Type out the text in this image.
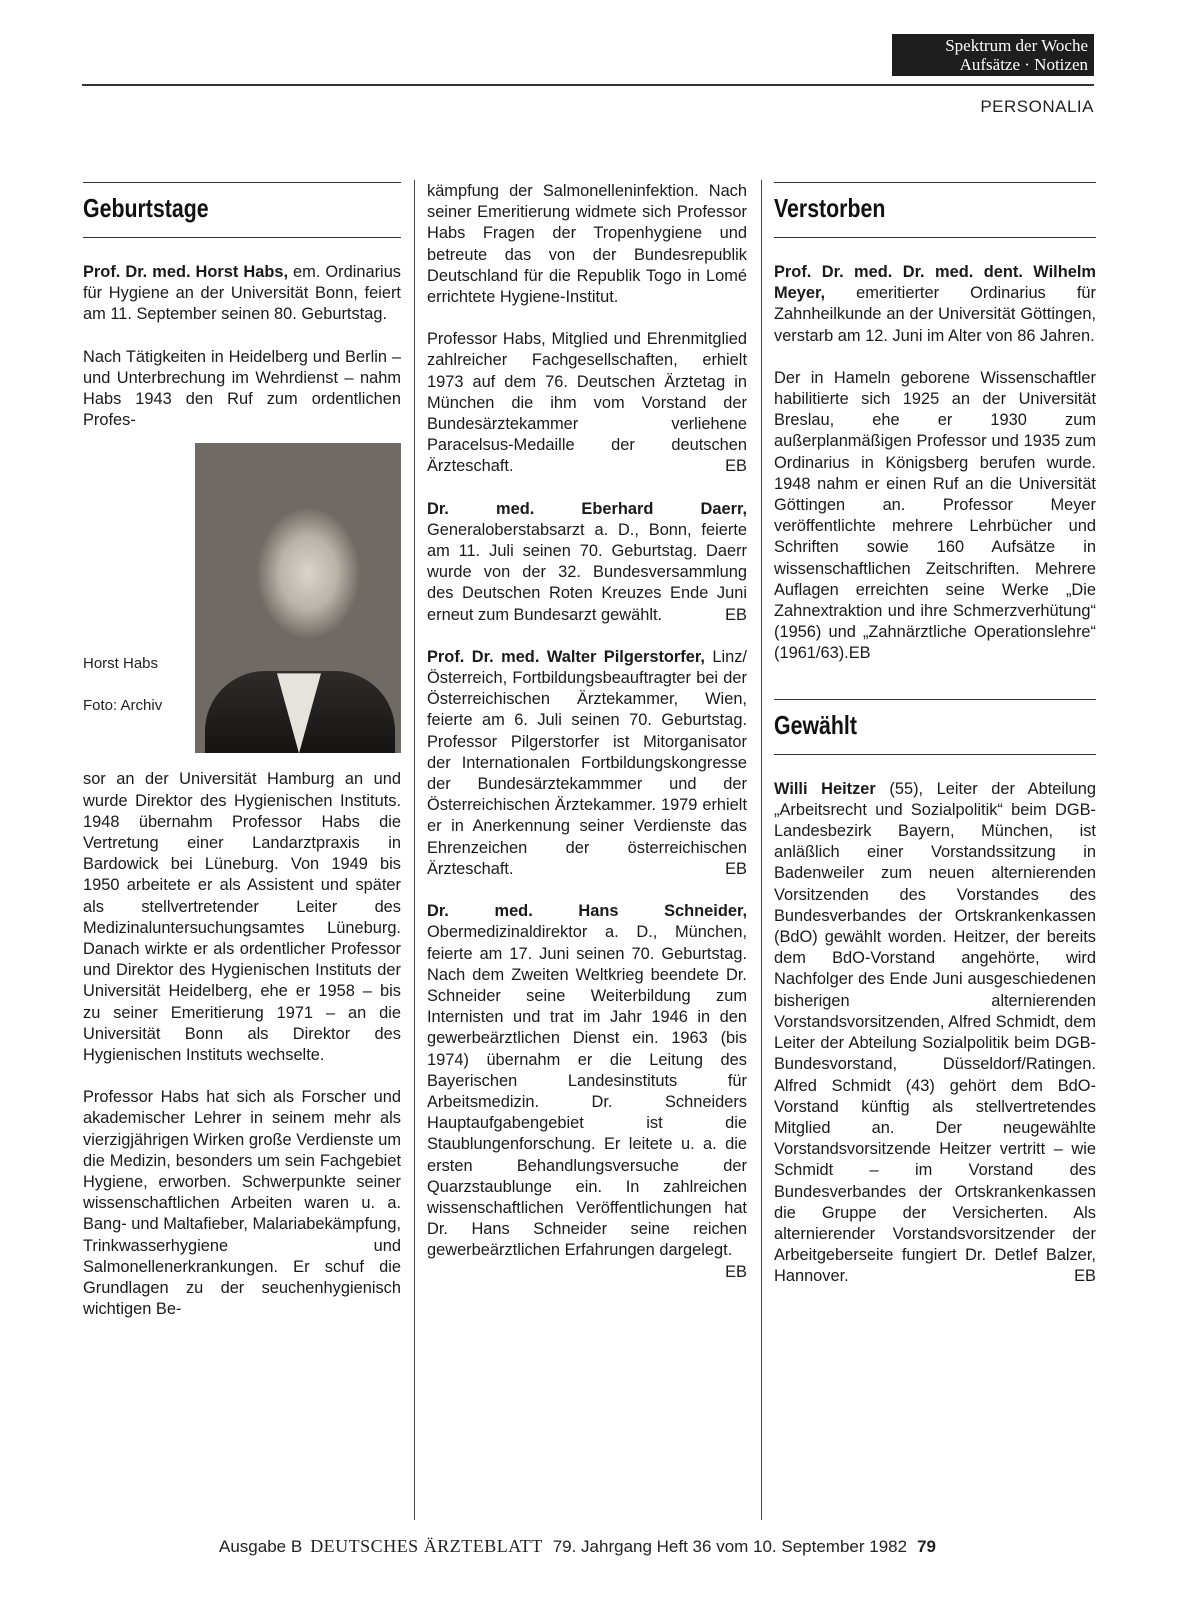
Spektrum der Woche
Aufsätze · Notizen
PERSONALIA
Geburtstage

Prof. Dr. med. Horst Habs, em. Ordinarius für Hygiene an der Universität Bonn, feiert am 11. September seinen 80. Geburtstag.

Nach Tätigkeiten in Heidelberg und Berlin – und Unterbrechung im Wehrdienst – nahm Habs 1943 den Ruf zum ordentlichen Profes-

Horst Habs
Foto: Archiv

sor an der Universität Hamburg an und wurde Direktor des Hygienischen Instituts. 1948 übernahm Professor Habs die Vertretung einer Landarztpraxis in Bardowick bei Lüneburg. Von 1949 bis 1950 arbeitete er als Assistent und später als stellvertretender Leiter des Medizinaluntersuchungsamtes Lüneburg. Danach wirkte er als ordentlicher Professor und Direktor des Hygienischen Instituts der Universität Heidelberg, ehe er 1958 – bis zu seiner Emeritierung 1971 – an die Universität Bonn als Direktor des Hygienischen Instituts wechselte.

Professor Habs hat sich als Forscher und akademischer Lehrer in seinem mehr als vierzigjährigen Wirken große Verdienste um die Medizin, besonders um sein Fachgebiet Hygiene, erworben. Schwerpunkte seiner wissenschaftlichen Arbeiten waren u. a. Bang- und Maltafieber, Malariabekämpfung, Trinkwasserhygiene und Salmonellenerkrankungen. Er schuf die Grundlagen zu der seuchenhygienisch wichtigen Be-

kämpfung der Salmonelleninfektion. Nach seiner Emeritierung widmete sich Professor Habs Fragen der Tropenhygiene und betreute das von der Bundesrepublik Deutschland für die Republik Togo in Lomé errichtete Hygiene-Institut.

Professor Habs, Mitglied und Ehrenmitglied zahlreicher Fachgesellschaften, erhielt 1973 auf dem 76. Deutschen Ärztetag in München die ihm vom Vorstand der Bundesärztekammer verliehene Paracelsus-Medaille der deutschen Ärzteschaft.	EB

Dr. med. Eberhard Daerr, Generaloberstabsarzt a. D., Bonn, feierte am 11. Juli seinen 70. Geburtstag. Daerr wurde von der 32. Bundesversammlung des Deutschen Roten Kreuzes Ende Juni erneut zum Bundesarzt gewählt.	EB

Prof. Dr. med. Walter Pilgerstorfer, Linz/Österreich, Fortbildungsbeauftragter bei der Österreichischen Ärztekammer, Wien, feierte am 6. Juli seinen 70. Geburtstag. Professor Pilgerstorfer ist Mitorganisator der Internationalen Fortbildungskongresse der Bundesärztekammmer und der Österreichischen Ärztekammer. 1979 erhielt er in Anerkennung seiner Verdienste das Ehrenzeichen der österreichischen Ärzteschaft.	EB

Dr. med. Hans Schneider, Obermedizinaldirektor a. D., München, feierte am 17. Juni seinen 70. Geburtstag. Nach dem Zweiten Weltkrieg beendete Dr. Schneider seine Weiterbildung zum Internisten und trat im Jahr 1946 in den gewerbeärztlichen Dienst ein. 1963 (bis 1974) übernahm er die Leitung des Bayerischen Landesinstituts für Arbeitsmedizin. Dr. Schneiders Hauptaufgabengebiet ist die Staublungenforschung. Er leitete u. a. die ersten Behandlungsversuche der Quarzstaublunge ein. In zahlreichen wissenschaftlichen Veröffentlichungen hat Dr. Hans Schneider seine reichen gewerbeärztlichen Erfahrungen dargelegt.
EB

Verstorben

Prof. Dr. med. Dr. med. dent. Wilhelm Meyer, emeritierter Ordinarius für Zahnheilkunde an der Universität Göttingen, verstarb am 12. Juni im Alter von 86 Jahren.

Der in Hameln geborene Wissenschaftler habilitierte sich 1925 an der Universität Breslau, ehe er 1930 zum außerplanmäßigen Professor und 1935 zum Ordinarius in Königsberg berufen wurde. 1948 nahm er einen Ruf an die Universität Göttingen an. Professor Meyer veröffentlichte mehrere Lehrbücher und Schriften sowie 160 Aufsätze in wissenschaftlichen Zeitschriften. Mehrere Auflagen erreichten seine Werke „Die Zahnextraktion und ihre Schmerzverhütung“ (1956) und „Zahnärztliche Operationslehre“ (1961/63).EB

Gewählt

Willi Heitzer (55), Leiter der Abteilung „Arbeitsrecht und Sozialpolitik“ beim DGB-Landesbezirk Bayern, München, ist anläßlich einer Vorstandssitzung in Badenweiler zum neuen alternierenden Vorsitzenden des Vorstandes des Bundesverbandes der Ortskrankenkassen (BdO) gewählt worden. Heitzer, der bereits dem BdO-Vorstand angehörte, wird Nachfolger des Ende Juni ausgeschiedenen bisherigen alternierenden Vorstandsvorsitzenden, Alfred Schmidt, dem Leiter der Abteilung Sozialpolitik beim DGB-Bundesvorstand, Düsseldorf/Ratingen. Alfred Schmidt (43) gehört dem BdO-Vorstand künftig als stellvertretendes Mitglied an. Der neugewählte Vorstandsvorsitzende Heitzer vertritt – wie Schmidt – im Vorstand des Bundesverbandes der Ortskrankenkassen die Gruppe der Versicherten. Als alternierender Vorstandsvorsitzender der Arbeitgeberseite fungiert Dr. Detlef Balzer, Hannover.	EB

Ausgabe B DEUTSCHES ÄRZTEBLATT 79. Jahrgang Heft 36 vom 10. September 1982 79
